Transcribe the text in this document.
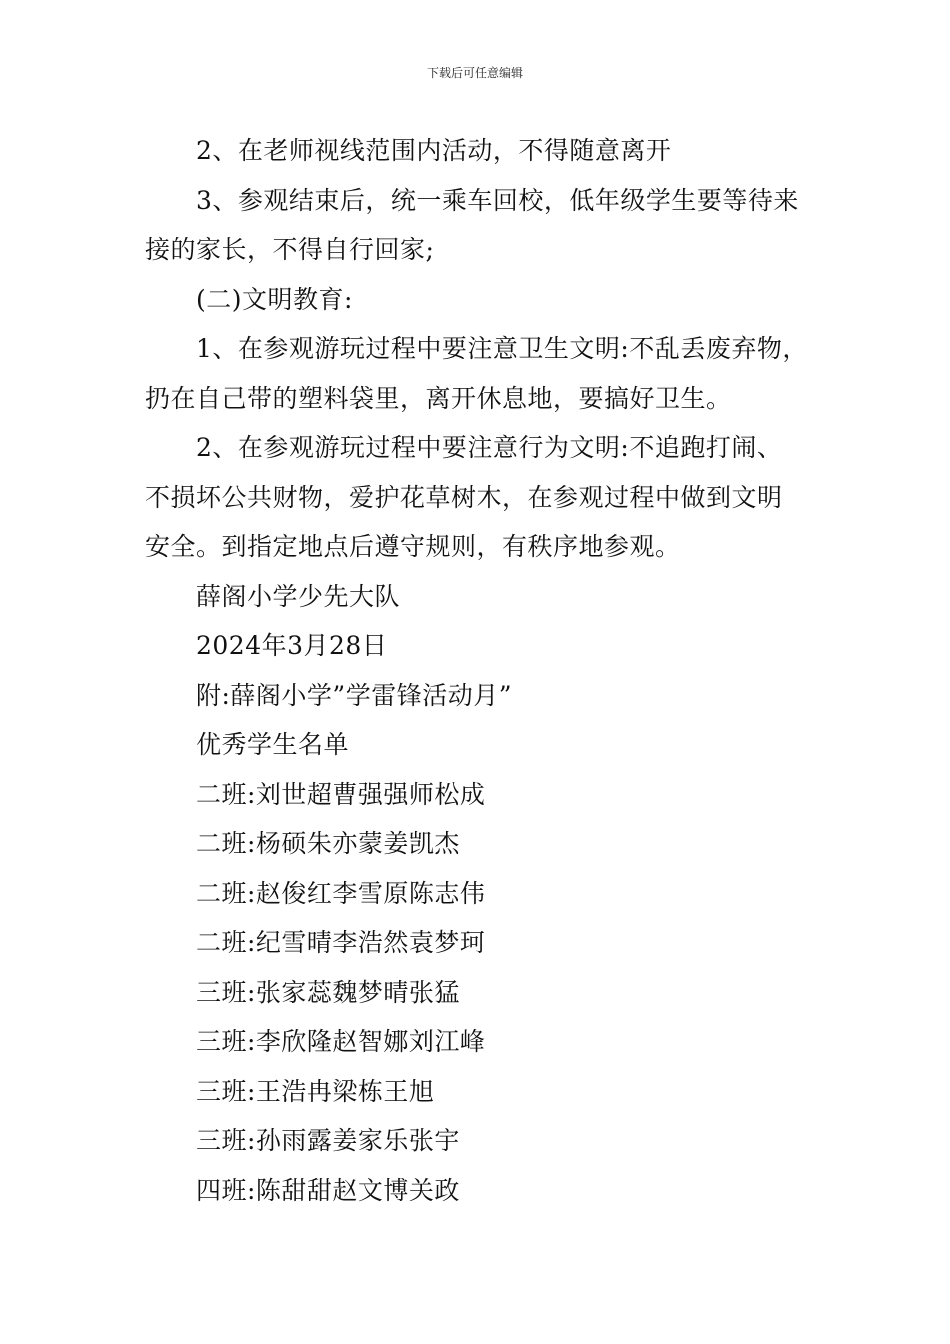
下载后可任意编辑
2、在老师视线范围内活动，不得随意离开
3、参观结束后，统一乘车回校，低年级学生要等待来
接的家长，不得自行回家;
(二)文明教育:
1、在参观游玩过程中要注意卫生文明:不乱丢废弃物，
扔在自己带的塑料袋里，离开休息地，要搞好卫生。
2、在参观游玩过程中要注意行为文明:不追跑打闹、
不损坏公共财物，爱护花草树木，在参观过程中做到文明
安全。到指定地点后遵守规则，有秩序地参观。
薛阁小学少先大队
2024年3月28日
附:薛阁小学”学雷锋活动月”
优秀学生名单
二班:刘世超曹强强师松成
二班:杨硕朱亦蒙姜凯杰
二班:赵俊红李雪原陈志伟
二班:纪雪晴李浩然袁梦珂
三班:张家蕊魏梦晴张猛
三班:李欣隆赵智娜刘江峰
三班:王浩冉梁栋王旭
三班:孙雨露姜家乐张宇
四班:陈甜甜赵文博关政
